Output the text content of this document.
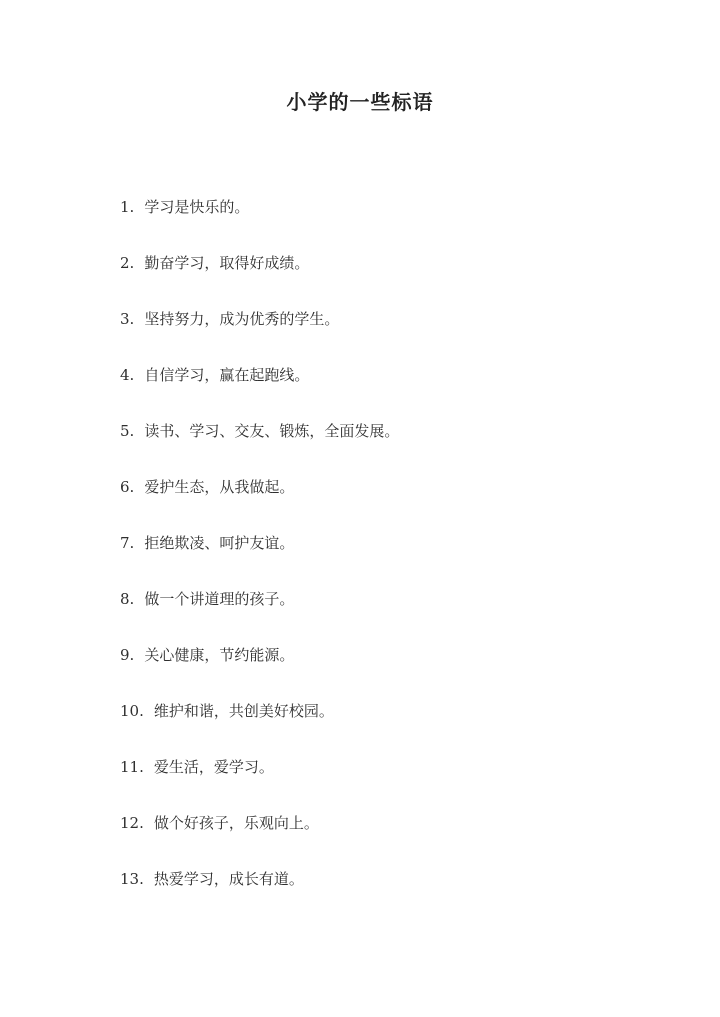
小学的一些标语
1. 学习是快乐的。
2. 勤奋学习，取得好成绩。
3. 坚持努力，成为优秀的学生。
4. 自信学习，赢在起跑线。
5. 读书、学习、交友、锻炼，全面发展。
6. 爱护生态，从我做起。
7. 拒绝欺凌、呵护友谊。
8. 做一个讲道理的孩子。
9. 关心健康，节约能源。
10. 维护和谐，共创美好校园。
11. 爱生活，爱学习。
12. 做个好孩子，乐观向上。
13. 热爱学习，成长有道。
